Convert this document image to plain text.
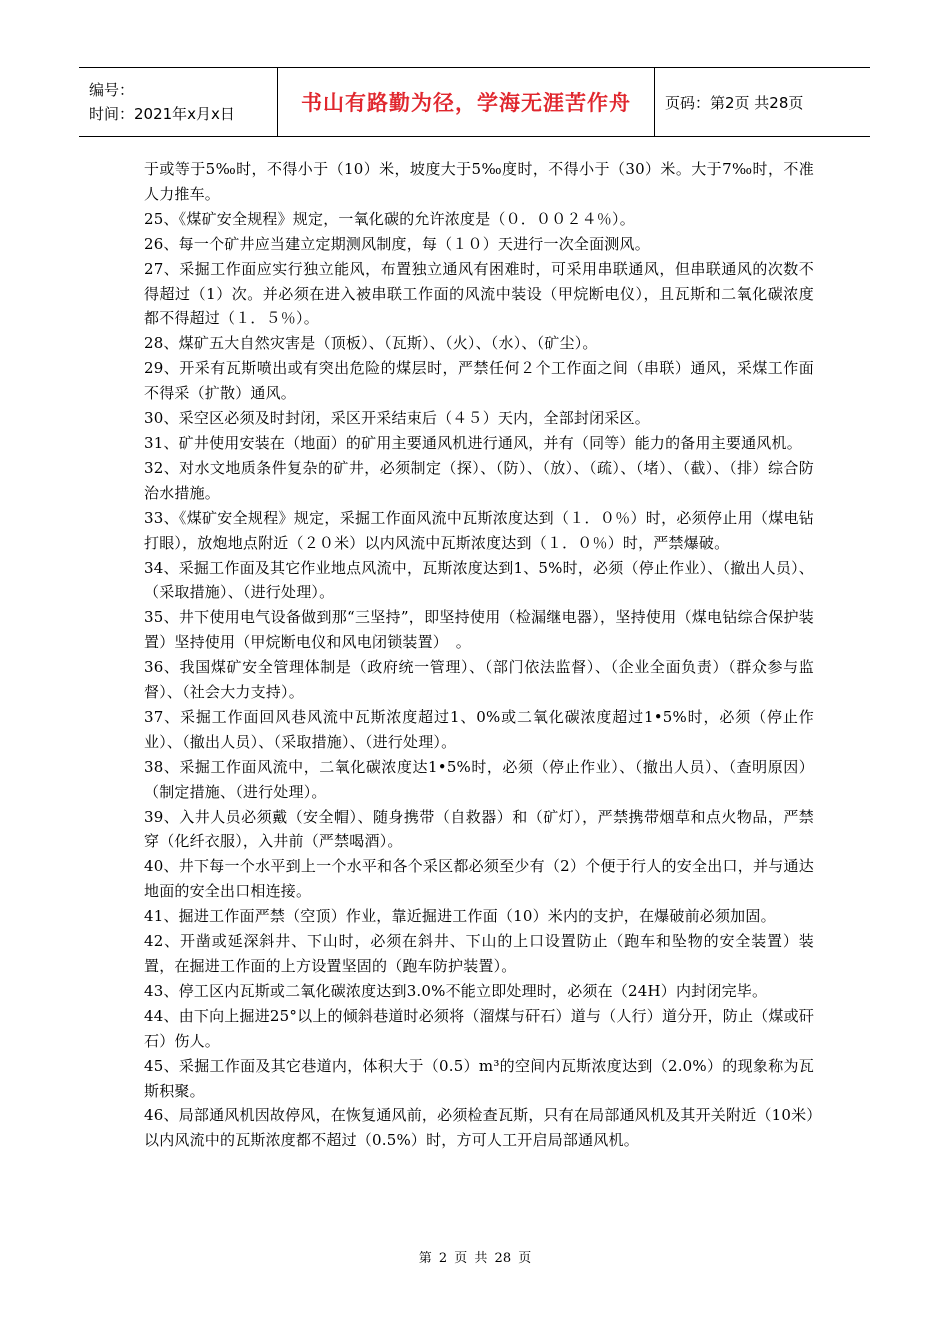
编号：
时间：2021年x月x日	书山有路勤为径，学海无涯苦作舟 页码：第2页 共28页

于或等于5‰时，不得小于（10）米，坡度大于5‰度时，不得小于（30）米。大于7‰时，不准人力推车。

25、《煤矿安全规程》规定，一氧化碳的允许浓度是（０．００２４％）。

26、每一个矿井应当建立定期测风制度，每（１０）天进行一次全面测风。

27、采掘工作面应实行独立能风，布置独立通风有困难时，可采用串联通风，但串联通风的次数不得超过（1）次。并必须在进入被串联工作面的风流中装设（甲烷断电仪），且瓦斯和二氧化碳浓度都不得超过（１．５％）。

28、煤矿五大自然灾害是（顶板）、（瓦斯）、（火）、（水）、（矿尘）。

29、开采有瓦斯喷出或有突出危险的煤层时，严禁任何２个工作面之间（串联）通风，采煤工作面不得采（扩散）通风。

30、采空区必须及时封闭，采区开采结束后（４５）天内，全部封闭采区。

31、矿井使用安装在（地面）的矿用主要通风机进行通风，并有（同等）能力的备用主要通风机。

32、对水文地质条件复杂的矿井，必须制定（探）、（防）、（放）、（疏）、（堵）、（截）、（排）综合防治水措施。

33、《煤矿安全规程》规定，采掘工作面风流中瓦斯浓度达到（１．０％）时，必须停止用（煤电钻打眼），放炮地点附近（２０米）以内风流中瓦斯浓度达到（１．０％）时，严禁爆破。

34、采掘工作面及其它作业地点风流中，瓦斯浓度达到1、5%时，必须（停止作业）、（撤出人员）、（采取措施）、（进行处理）。

35、井下使用电气设备做到那“三坚持”，即坚持使用（检漏继电器），坚持使用（煤电钻综合保护装置）坚持使用（甲烷断电仪和风电闭锁装置）　。

36、我国煤矿安全管理体制是（政府统一管理）、（部门依法监督）、（企业全面负责）（群众参与监督）、（社会大力支持）。

37、采掘工作面回风巷风流中瓦斯浓度超过1、0%或二氧化碳浓度超过1•5%时，必须（停止作业）、（撤出人员）、（采取措施）、（进行处理）。

38、采掘工作面风流中，二氧化碳浓度达1•5%时，必须（停止作业）、（撤出人员）、（查明原因）（制定措施、（进行处理）。

39、入井人员必须戴（安全帽）、随身携带（自救器）和（矿灯），严禁携带烟草和点火物品，严禁穿（化纤衣服），入井前（严禁喝酒）。

40、井下每一个水平到上一个水平和各个采区都必须至少有（2）个便于行人的安全出口，并与通达地面的安全出口相连接。

41、掘进工作面严禁（空顶）作业，靠近掘进工作面（10）米内的支护，在爆破前必须加固。

42、开凿或延深斜井、下山时，必须在斜井、下山的上口设置防止（跑车和坠物的安全装置）装置，在掘进工作面的上方设置坚固的（跑车防护装置）。

43、停工区内瓦斯或二氧化碳浓度达到3.0%不能立即处理时，必须在（24H）内封闭完毕。

44、由下向上掘进25°以上的倾斜巷道时必须将（溜煤与矸石）道与（人行）道分开，防止（煤或矸石）伤人。

45、采掘工作面及其它巷道内，体积大于（0.5）m³的空间内瓦斯浓度达到（2.0%）的现象称为瓦斯积聚。

46、局部通风机因故停风，在恢复通风前，必须检查瓦斯，只有在局部通风机及其开关附近（10米）以内风流中的瓦斯浓度都不超过（0.5%）时，方可人工开启局部通风机。

第 2 页 共 28 页
